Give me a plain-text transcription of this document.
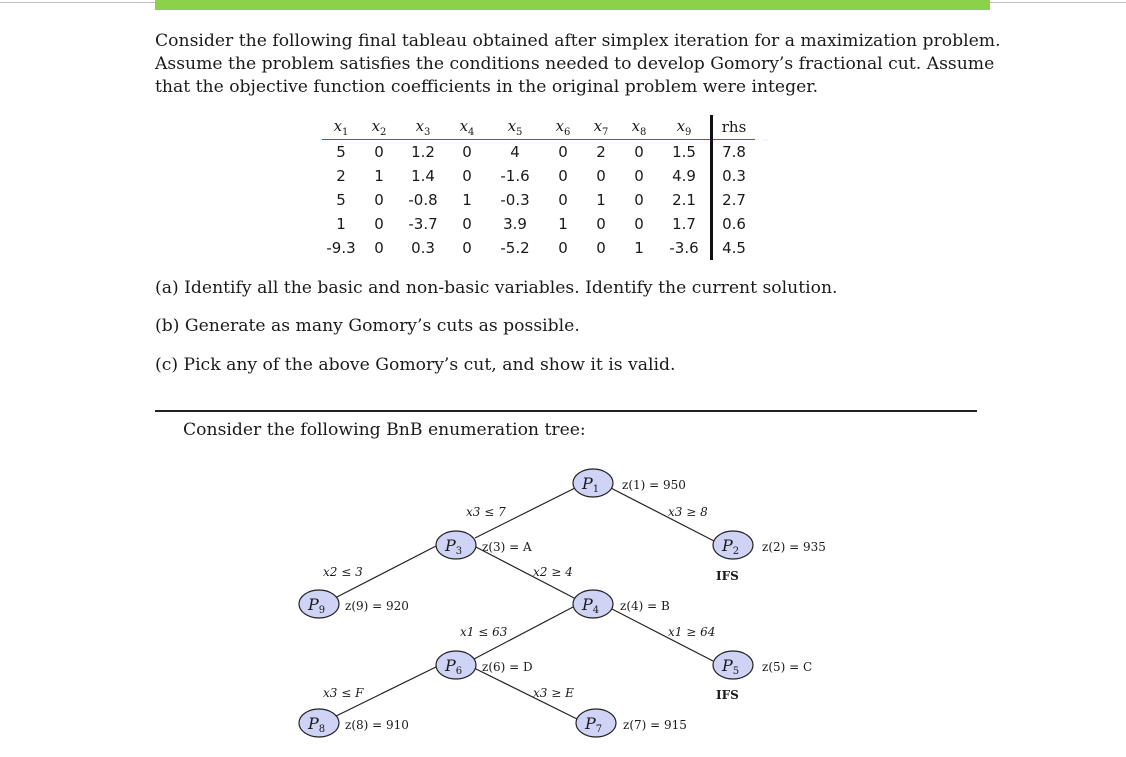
Consider the following final tableau obtained after simplex iteration for a maximization problem.
Assume the problem satisfies the conditions needed to develop Gomory’s fractional cut. Assume
that the objective function coefficients in the original problem were integer.

$x_1$	$x_2$	$x_3$	$x_4$	$x_5$	$x_6$	$x_7$	$x_8$	$x_9$	rhs
5	0	1.2	0	4	0	2	0	1.5	7.8
2	1	1.4	0	-1.6	0	0	0	4.9	0.3
5	0	-0.8	1	-0.3	0	1	0	2.1	2.7
1	0	-3.7	0	3.9	1	0	0	1.7	0.6
-9.3	0	0.3	0	-5.2	0	0	1	-3.6	4.5

(a) Identify all the basic and non-basic variables. Identify the current solution.

(b) Generate as many Gomory’s cuts as possible.

(c) Pick any of the above Gomory’s cut, and show it is valid.

Consider the following BnB enumeration tree:

x3 ≤ 7	x3 ≥ 8
x2 ≤ 3	x2 ≥ 4
x1 ≤ 63	x1 ≥ 64
x3 ≤ F	x3 ≥ E
P1 z(1) = 950
P3 z(3) = A	P2 z(2) = 935
IFS
P9 z(9) = 920	P4 z(4) = B
P6 z(6) = D	P5 z(5) = C
IFS
P8 z(8) = 910	P7 z(7) = 915
